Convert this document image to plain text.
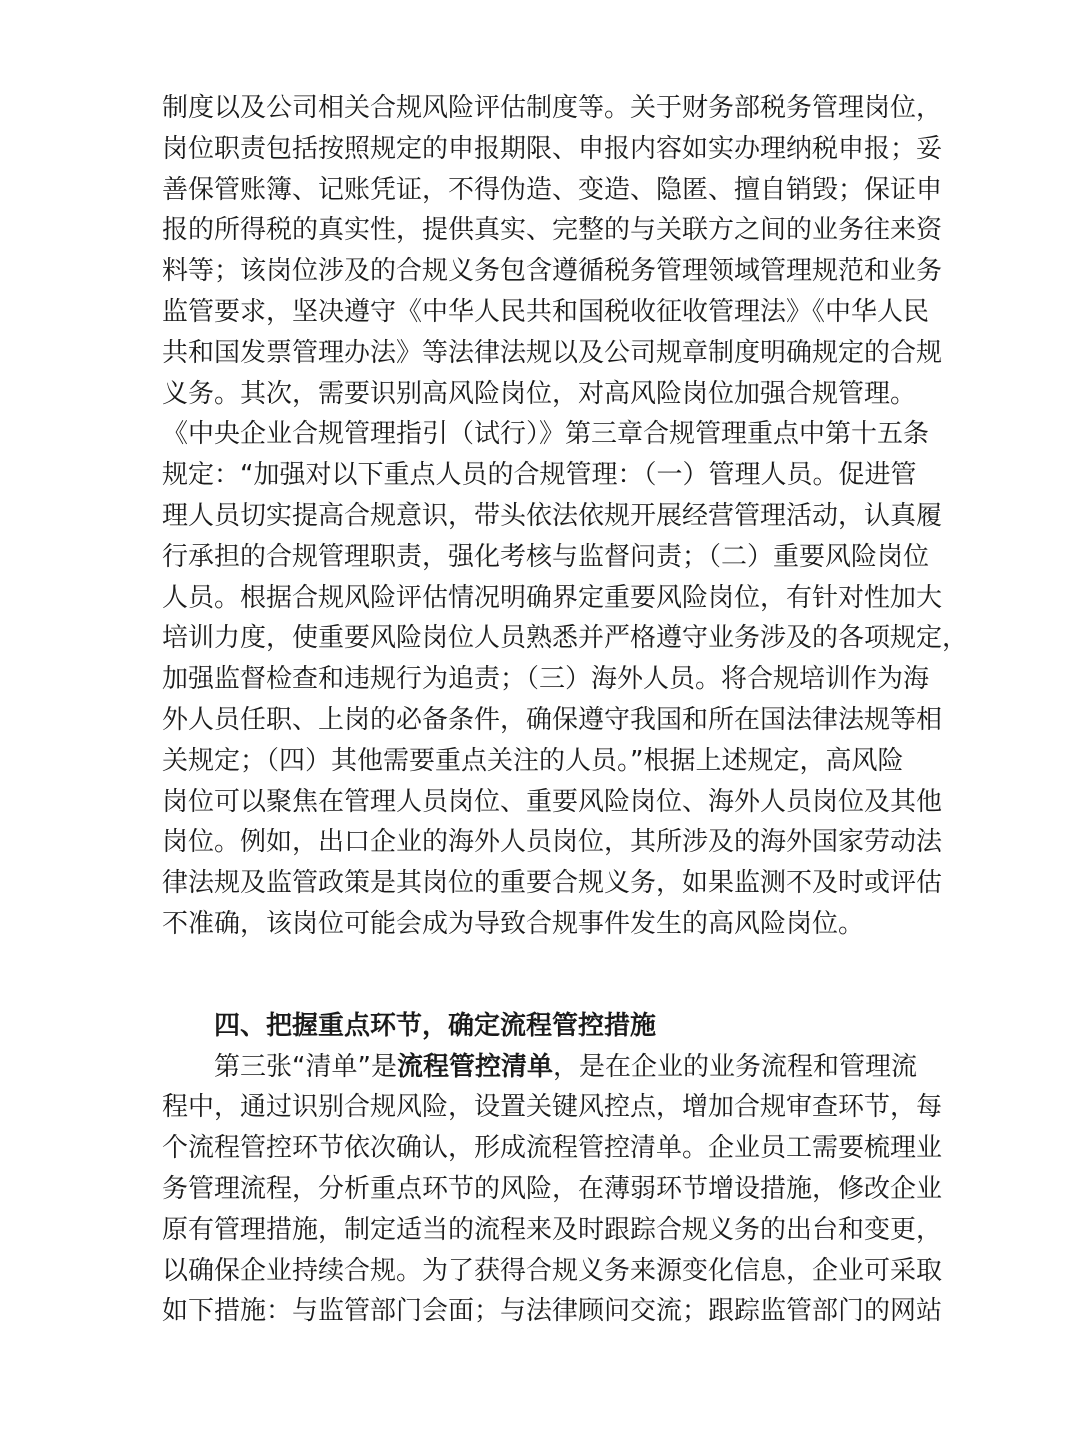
制度以及公司相关合规风险评估制度等。关于财务部税务管理岗位，
岗位职责包括按照规定的申报期限、申报内容如实办理纳税申报；妥
善保管账簿、记账凭证，不得伪造、变造、隐匿、擅自销毁；保证申
报的所得税的真实性，提供真实、完整的与关联方之间的业务往来资
料等；该岗位涉及的合规义务包含遵循税务管理领域管理规范和业务
监管要求，坚决遵守《中华人民共和国税收征收管理法》《中华人民
共和国发票管理办法》等法律法规以及公司规章制度明确规定的合规
义务。其次，需要识别高风险岗位，对高风险岗位加强合规管理。
《中央企业合规管理指引（试行）》第三章合规管理重点中第十五条
规定：“加强对以下重点人员的合规管理：（一）管理人员。促进管
理人员切实提高合规意识，带头依法依规开展经营管理活动，认真履
行承担的合规管理职责，强化考核与监督问责；（二）重要风险岗位
人员。根据合规风险评估情况明确界定重要风险岗位，有针对性加大
培训力度，使重要风险岗位人员熟悉并严格遵守业务涉及的各项规定，
加强监督检查和违规行为追责；（三）海外人员。将合规培训作为海
外人员任职、上岗的必备条件，确保遵守我国和所在国法律法规等相
关规定；（四）其他需要重点关注的人员。”根据上述规定，高风险
岗位可以聚焦在管理人员岗位、重要风险岗位、海外人员岗位及其他
岗位。例如，出口企业的海外人员岗位，其所涉及的海外国家劳动法
律法规及监管政策是其岗位的重要合规义务，如果监测不及时或评估
不准确，该岗位可能会成为导致合规事件发生的高风险岗位。
四、把握重点环节，确定流程管控措施
第三张“清单”是流程管控清单，是在企业的业务流程和管理流
程中，通过识别合规风险，设置关键风控点，增加合规审查环节，每
个流程管控环节依次确认，形成流程管控清单。企业员工需要梳理业
务管理流程，分析重点环节的风险，在薄弱环节增设措施，修改企业
原有管理措施，制定适当的流程来及时跟踪合规义务的出台和变更，
以确保企业持续合规。为了获得合规义务来源变化信息，企业可采取
如下措施：与监管部门会面；与法律顾问交流；跟踪监管部门的网站
